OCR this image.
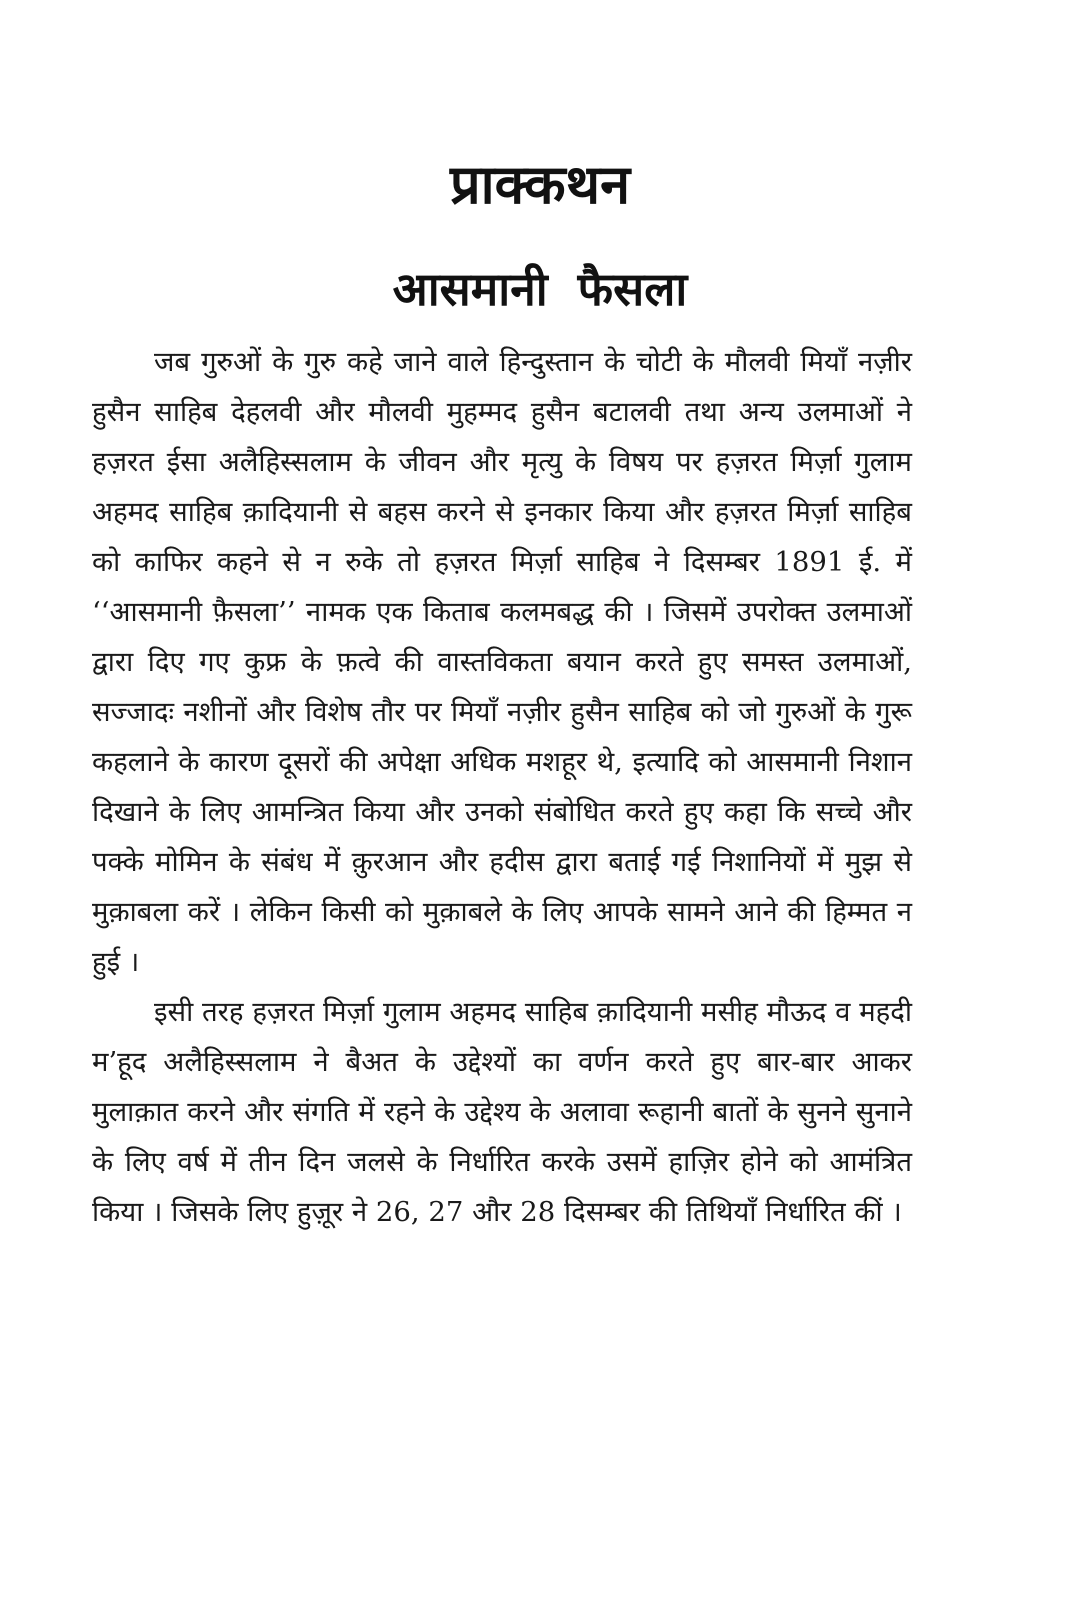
प्राक्कथन
आसमानी फैसला

जब गुरुओं के गुरु कहे जाने वाले हिन्दुस्तान के चोटी के मौलवी मियाँ नज़ीर हुसैन साहिब देहलवी और मौलवी मुहम्मद हुसैन बटालवी तथा अन्य उलमाओं ने हज़रत ईसा अलैहिस्सलाम के जीवन और मृत्यु के विषय पर हज़रत मिर्ज़ा गुलाम अहमद साहिब क़ादियानी से बहस करने से इनकार किया और हज़रत मिर्ज़ा साहिब को काफिर कहने से न रुके तो हज़रत मिर्ज़ा साहिब ने दिसम्बर 1891 ई. में ‘‘आसमानी फ़ैसला’’ नामक एक किताब कलमबद्ध की । जिसमें उपरोक्त उलमाओं द्वारा दिए गए कुफ्र के फ़त्वे की वास्तविकता बयान करते हुए समस्त उलमाओं, सज्जादः नशीनों और विशेष तौर पर मियाँ नज़ीर हुसैन साहिब को जो गुरुओं के गुरू कहलाने के कारण दूसरों की अपेक्षा अधिक मशहूर थे, इत्यादि को आसमानी निशान दिखाने के लिए आमन्त्रित किया और उनको संबोधित करते हुए कहा कि सच्चे और पक्के मोमिन के संबंध में क़ुरआन और हदीस द्वारा बताई गई निशानियों में मुझ से मुक़ाबला करें । लेकिन किसी को मुक़ाबले के लिए आपके सामने आने की हिम्मत न हुई ।

इसी तरह हज़रत मिर्ज़ा गुलाम अहमद साहिब क़ादियानी मसीह मौऊद व महदी म’हूद अलैहिस्सलाम ने बैअत के उद्देश्यों का वर्णन करते हुए बार-बार आकर मुलाक़ात करने और संगति में रहने के उद्देश्य के अलावा रूहानी बातों के सुनने सुनाने के लिए वर्ष में तीन दिन जलसे के निर्धारित करके उसमें हाज़िर होने को आमंत्रित किया । जिसके लिए हुज़ूर ने 26, 27 और 28 दिसम्बर की तिथियाँ निर्धारित कीं ।
